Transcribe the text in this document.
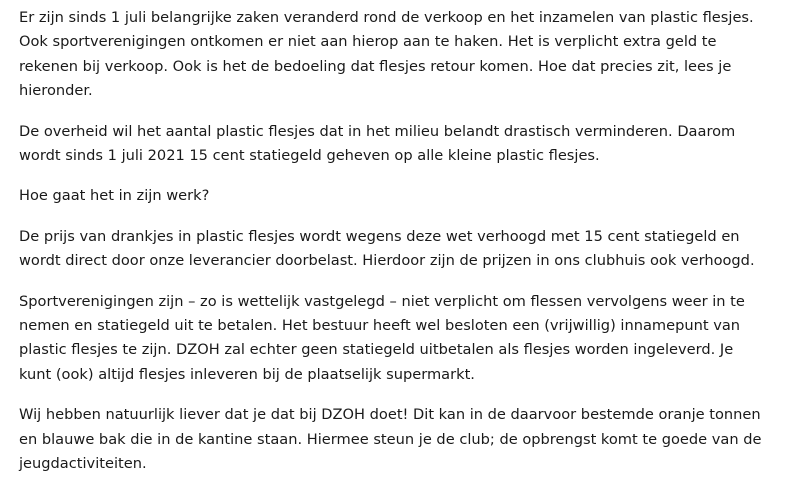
Er zijn sinds 1 juli belangrijke zaken veranderd rond de verkoop en het inzamelen van plastic flesjes.
Ook sportverenigingen ontkomen er niet aan hierop aan te haken. Het is verplicht extra geld te
rekenen bij verkoop. Ook is het de bedoeling dat flesjes retour komen. Hoe dat precies zit, lees je
hieronder.

De overheid wil het aantal plastic flesjes dat in het milieu belandt drastisch verminderen. Daarom
wordt sinds 1 juli 2021 15 cent statiegeld geheven op alle kleine plastic flesjes.

Hoe gaat het in zijn werk?

De prijs van drankjes in plastic flesjes wordt wegens deze wet verhoogd met 15 cent statiegeld en
wordt direct door onze leverancier doorbelast. Hierdoor zijn de prijzen in ons clubhuis ook verhoogd.

Sportverenigingen zijn – zo is wettelijk vastgelegd – niet verplicht om flessen vervolgens weer in te
nemen en statiegeld uit te betalen. Het bestuur heeft wel besloten een (vrijwillig) innamepunt van
plastic flesjes te zijn. DZOH zal echter geen statiegeld uitbetalen als flesjes worden ingeleverd. Je
kunt (ook) altijd flesjes inleveren bij de plaatselijk supermarkt.

Wij hebben natuurlijk liever dat je dat bij DZOH doet! Dit kan in de daarvoor bestemde oranje tonnen
en blauwe bak die in de kantine staan. Hiermee steun je de club; de opbrengst komt te goede van de
jeugdactiviteiten.
